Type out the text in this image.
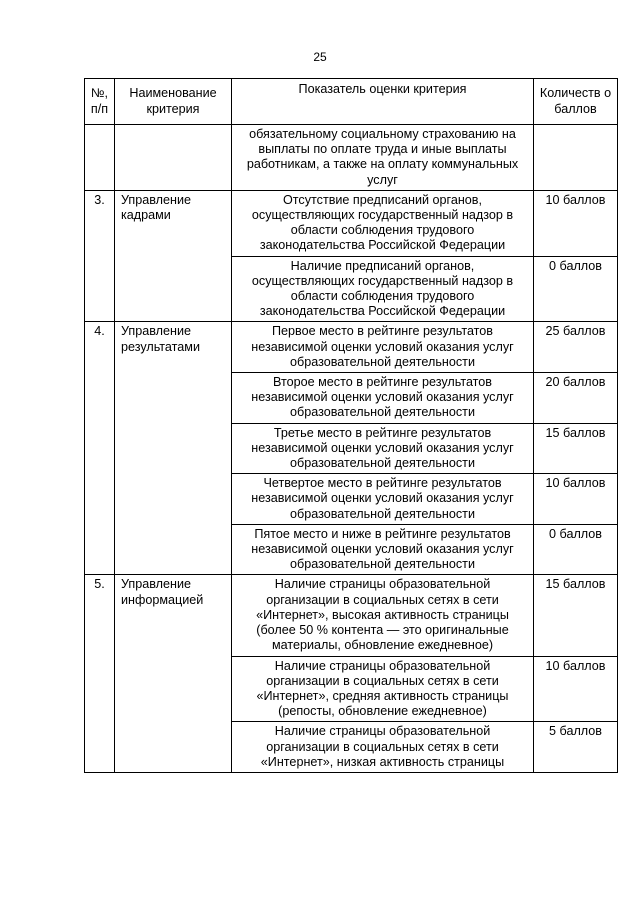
25
№, п/п	Наименование критерия	Показатель оценки критерия	Количеств о баллов
		обязательному социальному страхованию на выплаты по оплате труда и иные выплаты работникам, а также на оплату коммунальных услуг	
3.	Управление кадрами	Отсутствие предписаний органов, осуществляющих государственный надзор в области соблюдения трудового законодательства Российской Федерации	10 баллов
		Наличие предписаний органов, осуществляющих государственный надзор в области соблюдения трудового законодательства Российской Федерации	0 баллов
4.	Управление результатами	Первое место в рейтинге результатов независимой оценки условий оказания услуг образовательной деятельности	25 баллов
		Второе место в рейтинге результатов независимой оценки условий оказания услуг образовательной деятельности	20 баллов
		Третье место в рейтинге результатов независимой оценки условий оказания услуг образовательной деятельности	15 баллов
		Четвертое место в рейтинге результатов независимой оценки условий оказания услуг образовательной деятельности	10 баллов
		Пятое место и ниже в рейтинге результатов независимой оценки условий оказания услуг образовательной деятельности	0 баллов
5.	Управление информацией	Наличие страницы образовательной организации в социальных сетях в сети «Интернет», высокая активность страницы (более 50 % контента — это оригинальные материалы, обновление ежедневное)	15 баллов
		Наличие страницы образовательной организации в социальных сетях в сети «Интернет», средняя активность страницы (репосты, обновление ежедневное)	10 баллов
		Наличие страницы образовательной организации в социальных сетях в сети «Интернет», низкая активность страницы	5 баллов
